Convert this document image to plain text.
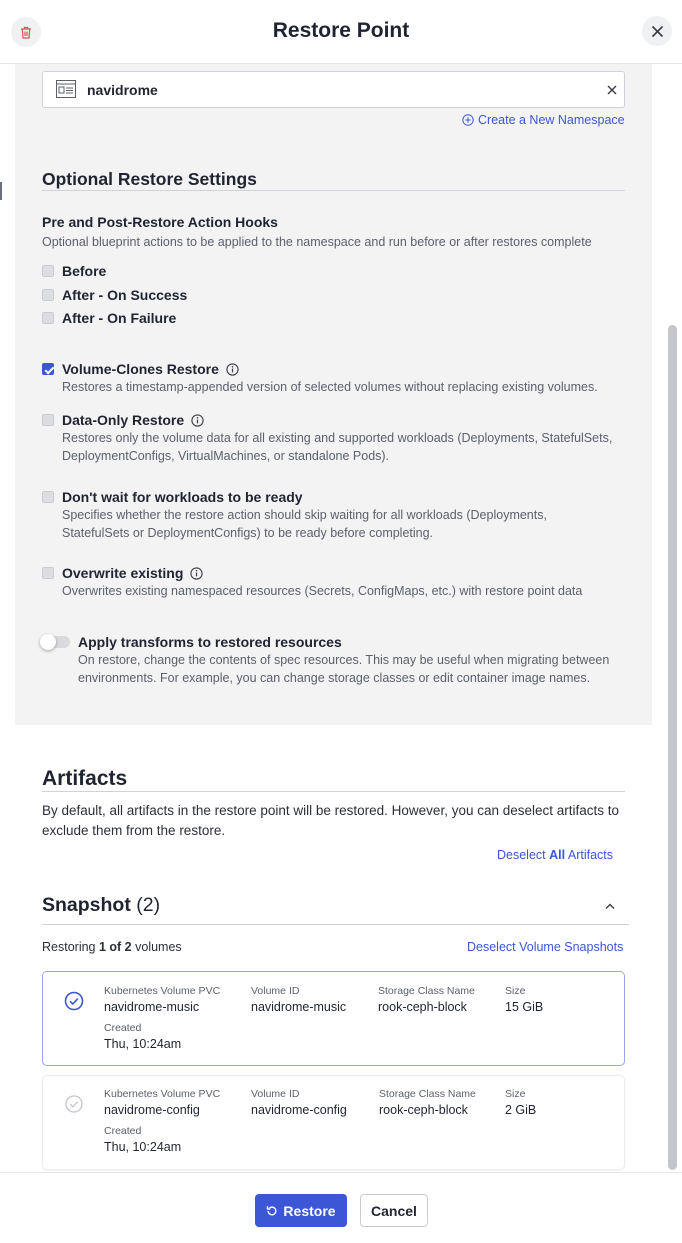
Restore Point
navidrome
Create a New Namespace
Optional Restore Settings
Pre and Post-Restore Action Hooks
Optional blueprint actions to be applied to the namespace and run before or after restores complete
Before
After - On Success
After - On Failure
Volume-Clones Restore
Restores a timestamp-appended version of selected volumes without replacing existing volumes.
Data-Only Restore
Restores only the volume data for all existing and supported workloads (Deployments, StatefulSets, DeploymentConfigs, VirtualMachines, or standalone Pods).
Don't wait for workloads to be ready
Specifies whether the restore action should skip waiting for all workloads (Deployments, StatefulSets or DeploymentConfigs) to be ready before completing.
Overwrite existing
Overwrites existing namespaced resources (Secrets, ConfigMaps, etc.) with restore point data
Apply transforms to restored resources
On restore, change the contents of spec resources. This may be useful when migrating between environments. For example, you can change storage classes or edit container image names.
Artifacts
By default, all artifacts in the restore point will be restored. However, you can deselect artifacts to exclude them from the restore.
Deselect All Artifacts
Snapshot (2)
Restoring 1 of 2 volumes	Deselect Volume Snapshots
Kubernetes Volume PVC
navidrome-music
Volume ID
navidrome-music
Storage Class Name
rook-ceph-block
Size
15 GiB
Created
Thu, 10:24am
Kubernetes Volume PVC
navidrome-config
Volume ID
navidrome-config
Storage Class Name
rook-ceph-block
Size
2 GiB
Created
Thu, 10:24am
Restore	Cancel
